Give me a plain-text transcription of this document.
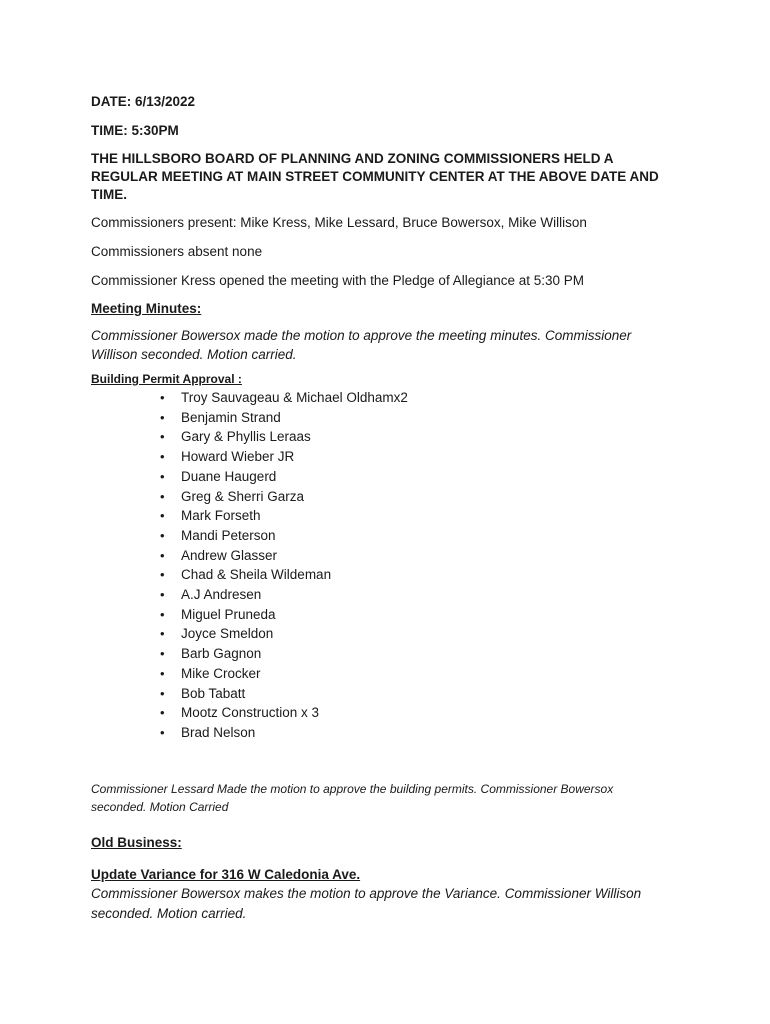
DATE: 6/13/2022

TIME: 5:30PM

THE HILLSBORO BOARD OF PLANNING AND ZONING COMMISSIONERS HELD A REGULAR MEETING AT MAIN STREET COMMUNITY CENTER AT THE ABOVE DATE AND TIME.

Commissioners present: Mike Kress, Mike Lessard, Bruce Bowersox, Mike Willison

Commissioners absent none

Commissioner Kress opened the meeting with the Pledge of Allegiance at 5:30 PM

Meeting Minutes:

Commissioner Bowersox made the motion to approve the meeting minutes. Commissioner Willison seconded. Motion carried.

Building Permit Approval :

• Troy Sauvageau & Michael Oldhamx2
• Benjamin Strand
• Gary & Phyllis Leraas
• Howard Wieber JR
• Duane Haugerd
• Greg & Sherri Garza
• Mark Forseth
• Mandi Peterson
• Andrew Glasser
• Chad & Sheila Wildeman
• A.J Andresen
• Miguel Pruneda
• Joyce Smeldon
• Barb Gagnon
• Mike Crocker
• Bob Tabatt
• Mootz Construction x 3
• Brad Nelson

Commissioner Lessard Made the motion to approve the building permits. Commissioner Bowersox seconded. Motion Carried

Old Business:

Update Variance for 316 W Caledonia Ave.

Commissioner Bowersox makes the motion to approve the Variance. Commissioner Willison seconded. Motion carried.
